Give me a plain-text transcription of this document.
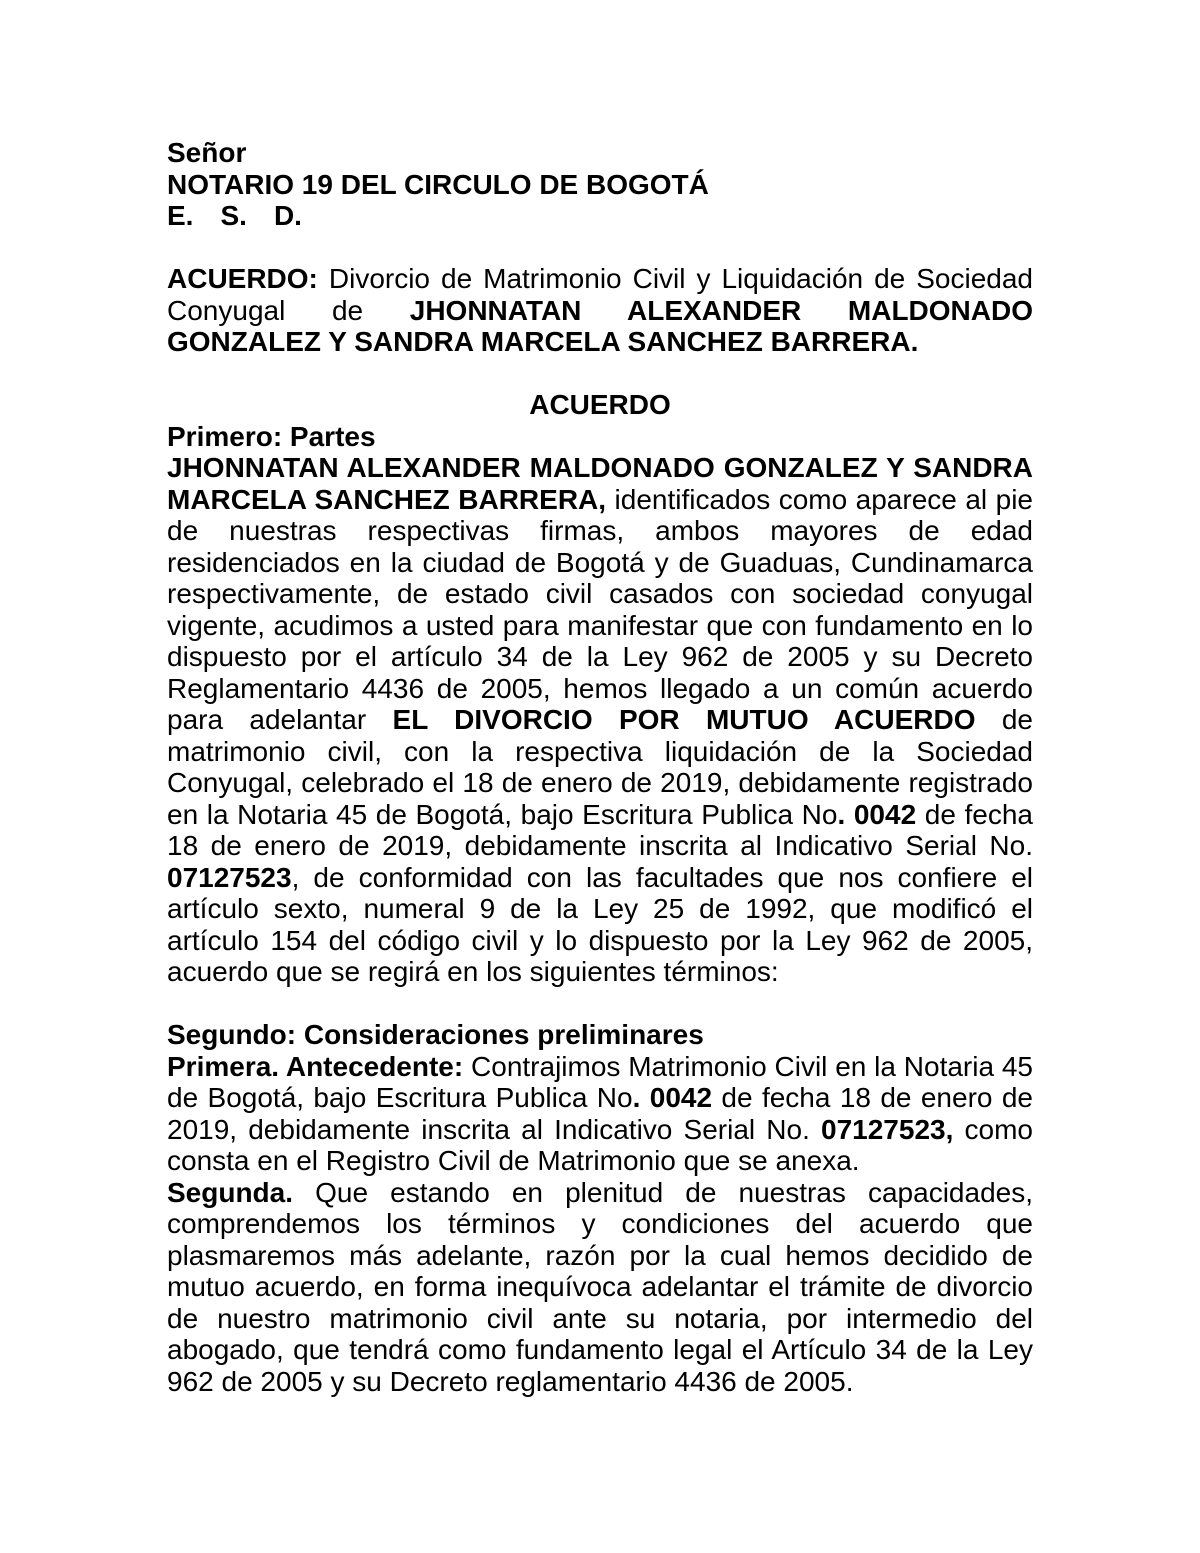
Señor

NOTARIO 19 DEL CIRCULO DE BOGOTÁ

E. S. D.

ACUERDO: Divorcio de Matrimonio Civil y Liquidación de Sociedad Conyugal de JHONNATAN ALEXANDER MALDONADO GONZALEZ Y SANDRA MARCELA SANCHEZ BARRERA.

ACUERDO

Primero: Partes

JHONNATAN ALEXANDER MALDONADO GONZALEZ Y SANDRA MARCELA SANCHEZ BARRERA, identificados como aparece al pie de nuestras respectivas firmas, ambos mayores de edad residenciados en la ciudad de Bogotá y de Guaduas, Cundinamarca respectivamente, de estado civil casados con sociedad conyugal vigente, acudimos a usted para manifestar que con fundamento en lo dispuesto por el artículo 34 de la Ley 962 de 2005 y su Decreto Reglamentario 4436 de 2005, hemos llegado a un común acuerdo para adelantar EL DIVORCIO POR MUTUO ACUERDO de matrimonio civil, con la respectiva liquidación de la Sociedad Conyugal, celebrado el 18 de enero de 2019, debidamente registrado en la Notaria 45 de Bogotá, bajo Escritura Publica No. 0042 de fecha 18 de enero de 2019, debidamente inscrita al Indicativo Serial No. 07127523, de conformidad con las facultades que nos confiere el artículo sexto, numeral 9 de la Ley 25 de 1992, que modificó el artículo 154 del código civil y lo dispuesto por la Ley 962 de 2005, acuerdo que se regirá en los siguientes términos:

Segundo: Consideraciones preliminares

Primera. Antecedente: Contrajimos Matrimonio Civil en la Notaria 45 de Bogotá, bajo Escritura Publica No. 0042 de fecha 18 de enero de 2019, debidamente inscrita al Indicativo Serial No. 07127523, como consta en el Registro Civil de Matrimonio que se anexa.

Segunda. Que estando en plenitud de nuestras capacidades, comprendemos los términos y condiciones del acuerdo que plasmaremos más adelante, razón por la cual hemos decidido de mutuo acuerdo, en forma inequívoca adelantar el trámite de divorcio de nuestro matrimonio civil ante su notaria, por intermedio del abogado, que tendrá como fundamento legal el Artículo 34 de la Ley 962 de 2005 y su Decreto reglamentario 4436 de 2005.
